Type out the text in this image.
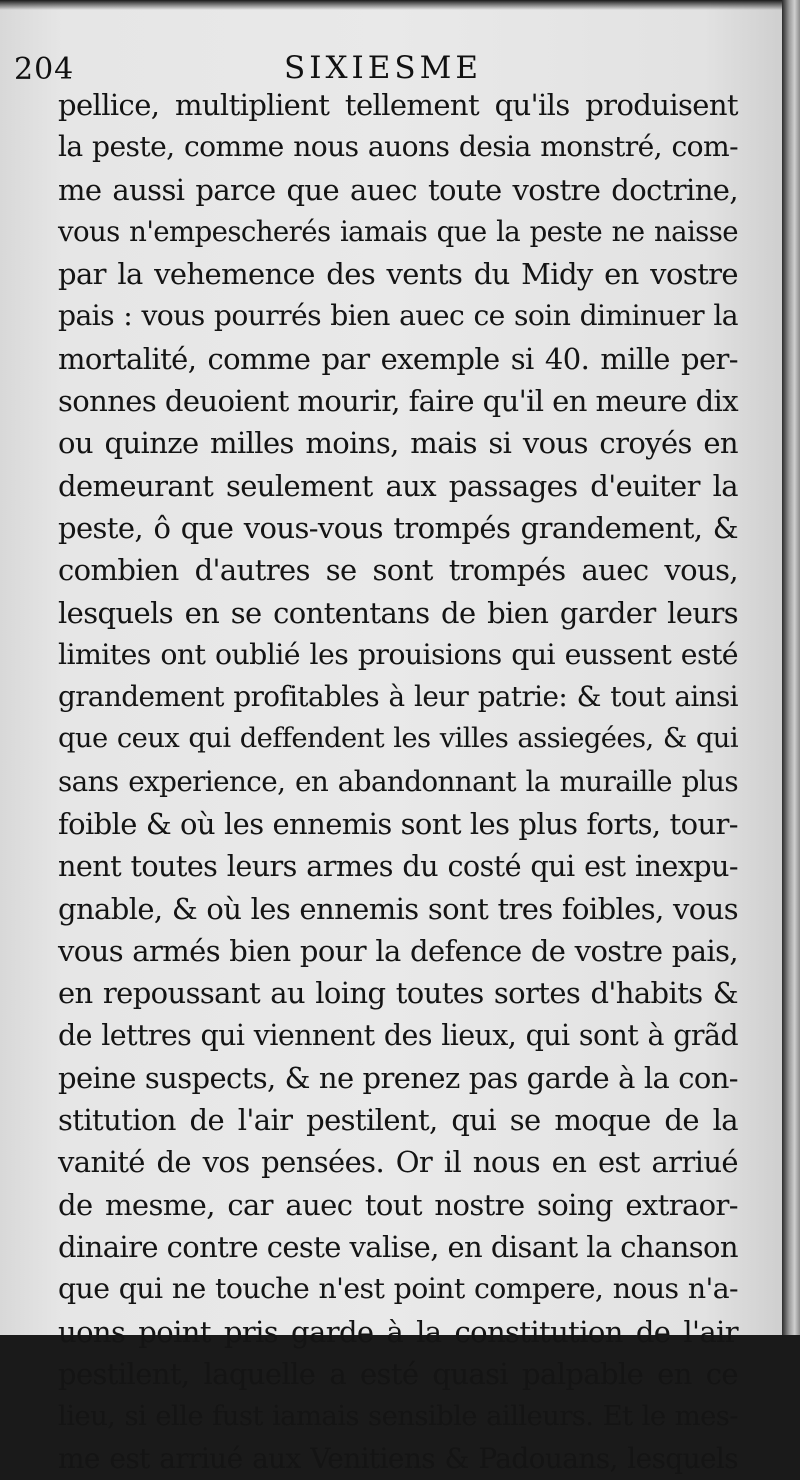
204	SIXIESME
pellice, multiplient tellement qu'ils produisent
la peste, comme nous auons desia monstré, com-
me aussi parce que auec toute vostre doctrine,
vous n'empescherés iamais que la peste ne naisse
par la vehemence des vents du Midy en vostre
pais : vous pourrés bien auec ce soin diminuer la
mortalité, comme par exemple si 40. mille per-
sonnes deuoient mourir, faire qu'il en meure dix
ou quinze milles moins, mais si vous croyés en
demeurant seulement aux passages d'euiter la
peste, ô que vous-vous trompés grandement, &
combien d'autres se sont trompés auec vous,
lesquels en se contentans de bien garder leurs
limites ont oublié les prouisions qui eussent esté
grandement profitables à leur patrie: & tout ainsi
que ceux qui deffendent les villes assiegées, & qui
sans experience, en abandonnant la muraille plus
foible & où les ennemis sont les plus forts, tour-
nent toutes leurs armes du costé qui est inexpu-
gnable, & où les ennemis sont tres foibles, vous
vous armés bien pour la defence de vostre pais,
en repoussant au loing toutes sortes d'habits &
de lettres qui viennent des lieux, qui sont à grãd
peine suspects, & ne prenez pas garde à la con-
stitution de l'air pestilent, qui se moque de la
vanité de vos pensées. Or il nous en est arriué
de mesme, car auec tout nostre soing extraor-
dinaire contre ceste valise, en disant la chanson
que qui ne touche n'est point compere, nous n'a-
uons point pris garde à la constitution de l'air
pestilent, laquelle a esté quasi palpable en ce
lieu, si elle fust iamais sensible ailleurs. Et le mes-
me est arriué aux Venitiens & Padouans, lesquels
